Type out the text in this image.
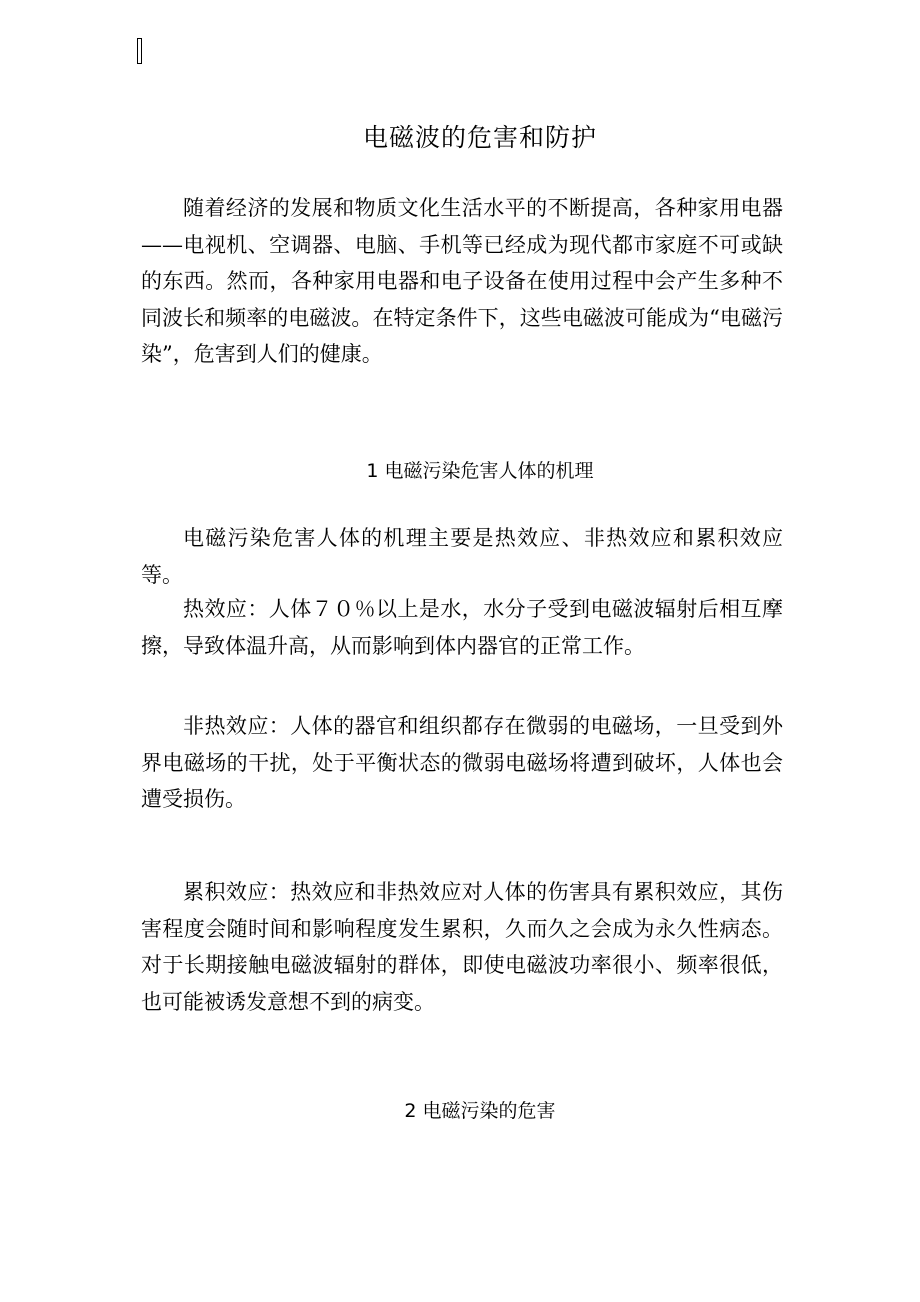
电磁波的危害和防护

随着经济的发展和物质文化生活水平的不断提高，各种家用电器——电视机、空调器、电脑、手机等已经成为现代都市家庭不可或缺的东西。然而，各种家用电器和电子设备在使用过程中会产生多种不同波长和频率的电磁波。在特定条件下，这些电磁波可能成为“电磁污染”，危害到人们的健康。

1 电磁污染危害人体的机理

电磁污染危害人体的机理主要是热效应、非热效应和累积效应等。

热效应：人体７０％以上是水，水分子受到电磁波辐射后相互摩擦，导致体温升高，从而影响到体内器官的正常工作。

非热效应：人体的器官和组织都存在微弱的电磁场，一旦受到外界电磁场的干扰，处于平衡状态的微弱电磁场将遭到破坏，人体也会遭受损伤。

累积效应：热效应和非热效应对人体的伤害具有累积效应，其伤害程度会随时间和影响程度发生累积，久而久之会成为永久性病态。对于长期接触电磁波辐射的群体，即使电磁波功率很小、频率很低，也可能被诱发意想不到的病变。

2 电磁污染的危害
